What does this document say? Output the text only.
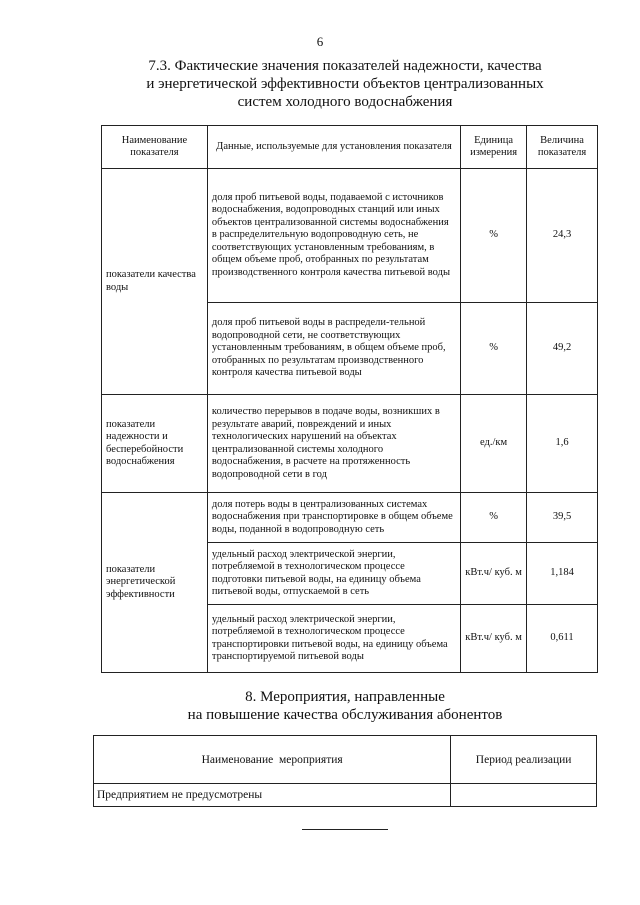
6
7.3. Фактические значения показателей надежности, качества
и энергетической эффективности объектов централизованных
систем холодного водоснабжения
Наименование показателя	Данные, используемые для установления показателя	Единица измерения	Величина показателя
показатели качества воды	доля проб питьевой воды, подаваемой с источников водоснабжения, водопроводных станций или иных объектов централизованной системы водоснабжения в распределительную водопроводную сеть, не соответствующих установленным требованиям, в общем объеме проб, отобранных по результатам производственного контроля качества питьевой воды	%	24,3
	доля проб питьевой воды в распредели-тельной водопроводной сети, не соответствующих установленным требованиям, в общем объеме проб, отобранных по результатам производственного контроля качества питьевой воды	%	49,2
показатели надежности и бесперебойности водоснабжения	количество перерывов в подаче воды, возникших в результате аварий, повреждений и иных технологических нарушений на объектах централизованной системы холодного водоснабжения, в расчете на протяженность водопроводной сети в год	ед./км	1,6
показатели энергетической эффективности	доля потерь воды в централизованных системах водоснабжения при транспортировке в общем объеме воды, поданной в водопроводную сеть	%	39,5
	удельный расход электрической энергии, потребляемой в технологическом процессе подготовки питьевой воды, на единицу объема питьевой воды, отпускаемой в сеть	кВт.ч/ куб. м	1,184
	удельный расход электрической энергии, потребляемой в технологическом процессе транспортировки питьевой воды, на единицу объема транспортируемой питьевой воды	кВт.ч/ куб. м	0,611
8. Мероприятия, направленные
на повышение качества обслуживания абонентов
Наименование  мероприятия	Период реализации
Предприятием не предусмотрены	
